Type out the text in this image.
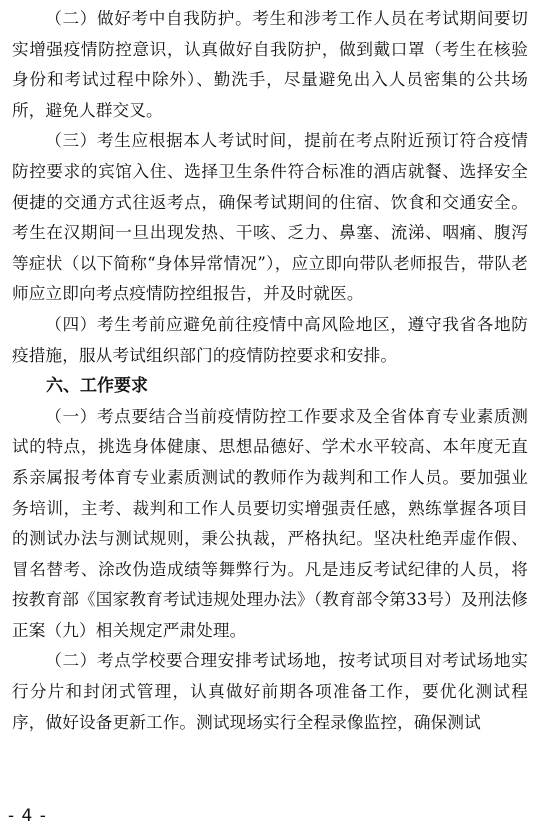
（二）做好考中自我防护。考生和涉考工作人员在考试期间要切实增强疫情防控意识，认真做好自我防护，做到戴口罩（考生在核验身份和考试过程中除外）、勤洗手，尽量避免出入人员密集的公共场所，避免人群交叉。

（三）考生应根据本人考试时间，提前在考点附近预订符合疫情防控要求的宾馆入住、选择卫生条件符合标准的酒店就餐、选择安全便捷的交通方式往返考点，确保考试期间的住宿、饮食和交通安全。考生在汉期间一旦出现发热、干咳、乏力、鼻塞、流涕、咽痛、腹泻等症状（以下简称“身体异常情况”），应立即向带队老师报告，带队老师应立即向考点疫情防控组报告，并及时就医。

（四）考生考前应避免前往疫情中高风险地区，遵守我省各地防疫措施，服从考试组织部门的疫情防控要求和安排。

六、工作要求

（一）考点要结合当前疫情防控工作要求及全省体育专业素质测试的特点，挑选身体健康、思想品德好、学术水平较高、本年度无直系亲属报考体育专业素质测试的教师作为裁判和工作人员。要加强业务培训，主考、裁判和工作人员要切实增强责任感，熟练掌握各项目的测试办法与测试规则，秉公执裁，严格执纪。坚决杜绝弄虚作假、冒名替考、涂改伪造成绩等舞弊行为。凡是违反考试纪律的人员，将按教育部《国家教育考试违规处理办法》（教育部令第33号）及刑法修正案（九）相关规定严肃处理。

（二）考点学校要合理安排考试场地，按考试项目对考试场地实行分片和封闭式管理，认真做好前期各项准备工作，要优化测试程序，做好设备更新工作。测试现场实行全程录像监控，确保测试

- 4 -
